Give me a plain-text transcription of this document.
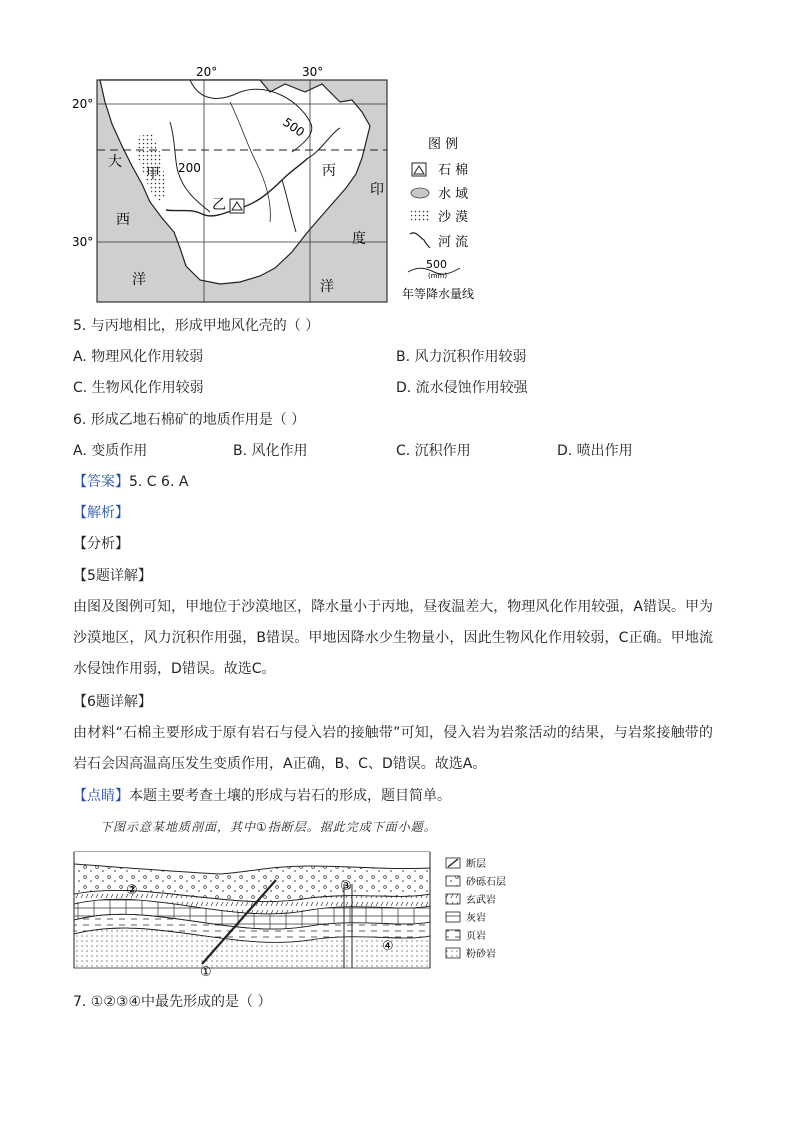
20°	30°
20°
30°
500
200
甲
乙
丙
大
西
洋
印
度
洋
图 例
石 棉
水 域
沙 漠
河 流
500
(mm)
年等降水量线
5. 与丙地相比，形成甲地风化壳的（ ）
A. 物理风化作用较弱	B. 风力沉积作用较弱
C. 生物风化作用较弱	D. 流水侵蚀作用较强
6. 形成乙地石棉矿的地质作用是（ ）
A. 变质作用	B. 风化作用	C. 沉积作用	D. 喷出作用
【答案】5. C 6. A
【解析】
【分析】
【5题详解】
由图及图例可知，甲地位于沙漠地区，降水量小于丙地，昼夜温差大，物理风化作用较强，A错误。甲为沙漠地区，风力沉积作用强，B错误。甲地因降水少生物量小，因此生物风化作用较弱，C正确。甲地流水侵蚀作用弱，D错误。故选C。
【6题详解】
由材料“石棉主要形成于原有岩石与侵入岩的接触带”可知，侵入岩为岩浆活动的结果，与岩浆接触带的岩石会因高温高压发生变质作用，A正确，B、C、D错误。故选A。
【点睛】本题主要考查土壤的形成与岩石的形成，题目简单。
下图示意某地质剖面，其中①指断层。据此完成下面小题。
①
②	③
④
断层
砂砾石层
玄武岩
灰岩
页岩
粉砂岩
7. ①②③④中最先形成的是（ ）
